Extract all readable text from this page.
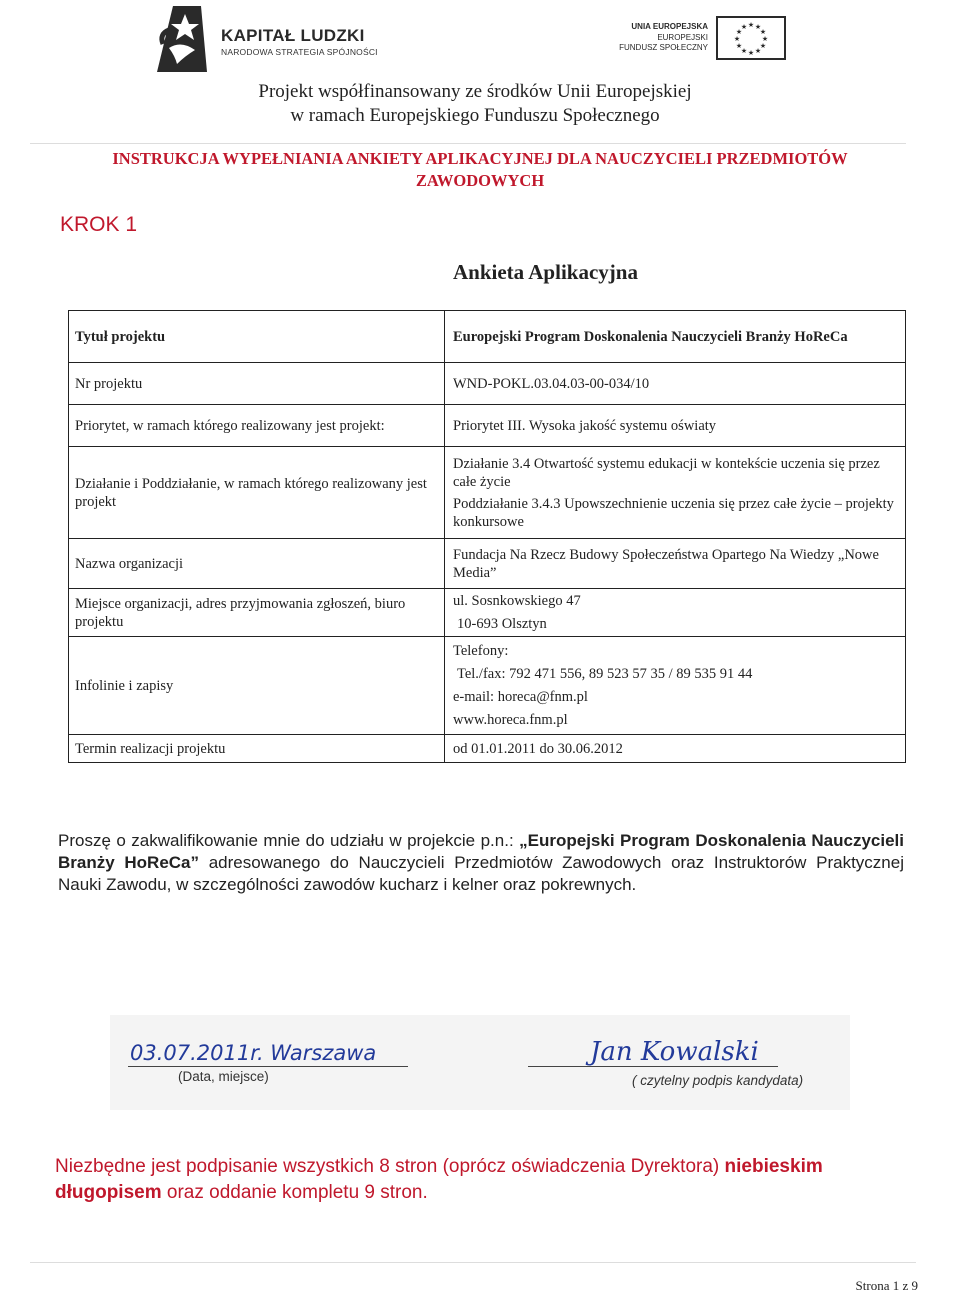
KAPITAŁ LUDZKI
NARODOWA STRATEGIA SPÓJNOŚCI
UNIA EUROPEJSKA
EUROPEJSKI
FUNDUSZ SPOŁECZNY
★ ★
★
★
★
★
★
★
★
★
★
★
Projekt współfinansowany ze środków Unii Europejskiej
w ramach Europejskiego Funduszu Społecznego
INSTRUKCJA WYPEŁNIANIA ANKIETY APLIKACYJNEJ DLA NAUCZYCIELI PRZEDMIOTÓW ZAWODOWYCH
KROK 1
Ankieta Aplikacyjna
Tytuł projektu	Europejski Program Doskonalenia Nauczycieli Branży HoReCa
Nr projektu	WND-POKL.03.04.03-00-034/10
Priorytet, w ramach którego realizowany jest projekt:	Priorytet III. Wysoka jakość systemu oświaty
Działanie i Poddziałanie, w ramach którego realizowany jest projekt	Działanie 3.4 Otwartość systemu edukacji w kontekście uczenia się przez całe życie
Poddziałanie 3.4.3 Upowszechnienie uczenia się przez całe życie – projekty konkursowe

Nazwa organizacji	Fundacja Na Rzecz Budowy Społeczeństwa Opartego Na Wiedzy „Nowe Media”
Miejsce organizacji, adres przyjmowania zgłoszeń, biuro projektu	ul. Sosnkowskiego 47
10-693 Olsztyn

Infolinie i zapisy	Telefony:
Tel./fax: 792 471 556, 89 523 57 35 / 89 535 91 44
e-mail: horeca@fnm.pl
www.horeca.fnm.pl

Termin realizacji projektu	od 01.01.2011 do 30.06.2012
Proszę o zakwalifikowanie mnie do udziału w projekcie p.n.: „Europejski Program Doskonalenia Nauczycieli Branży HoReCa” adresowanego do Nauczycieli Przedmiotów Zawodowych oraz Instruktorów Praktycznej Nauki Zawodu, w szczególności zawodów kucharz i kelner oraz pokrewnych.
03.07.2011r. Warszawa	Jan Kowalski
(Data, miejsce)	( czytelny podpis kandydata)
Niezbędne jest podpisanie wszystkich 8 stron (oprócz oświadczenia Dyrektora) niebieskim długopisem oraz oddanie kompletu 9 stron.
Strona 1 z 9
